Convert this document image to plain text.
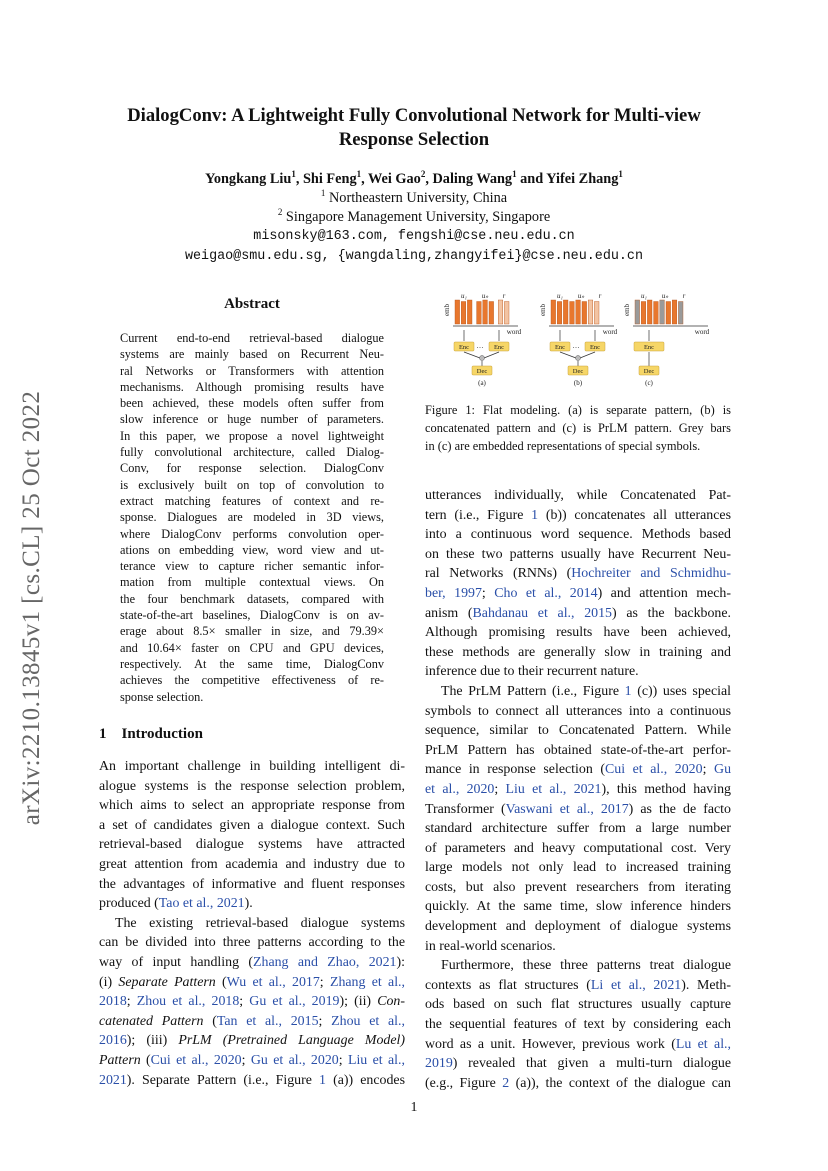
arXiv:2210.13845v1 [cs.CL] 25 Oct 2022
DialogConv: A Lightweight Fully Convolutional Network for Multi-view
Response Selection
Yongkang Liu$^1$, Shi Feng$^1$, Wei Gao$^2$, Daling Wang$^1$ and Yifei Zhang$^1$
$^1$ Northeastern University, China
$^2$ Singapore Management University, Singapore
misonsky@163.com, fengshi@cse.neu.edu.cn
weigao@smu.edu.sg, {wangdaling,zhangyifei}@cse.neu.edu.cn
Abstract
Current end-to-end retrieval-based dialogue
systems are mainly based on Recurrent Neu-
ral Networks or Transformers with attention
mechanisms. Although promising results have
been achieved, these models often suffer from
slow inference or huge number of parameters.
In this paper, we propose a novel lightweight
fully convolutional architecture, called Dialog-
Conv, for response selection. DialogConv
is exclusively built on top of convolution to
extract matching features of context and re-
sponse. Dialogues are modeled in 3D views,
where DialogConv performs convolution oper-
ations on embedding view, word view and ut-
terance view to capture richer semantic infor-
mation from multiple contextual views. On
the four benchmark datasets, compared with
state-of-the-art baselines, DialogConv is on av-
erage about 8.5× smaller in size, and 79.39×
and 10.64× faster on CPU and GPU devices,
respectively. At the same time, DialogConv
achieves the competitive effectiveness of re-
sponse selection.
1 Introduction
An important challenge in building intelligent di-
alogue systems is the response selection problem,
which aims to select an appropriate response from
a set of candidates given a dialogue context. Such
retrieval-based dialogue systems have attracted
great attention from academia and industry due to
the advantages of informative and fluent responses
produced (Tao et al., 2021).
The existing retrieval-based dialogue systems
can be divided into three patterns according to the
way of input handling (Zhang and Zhao, 2021):
(i) Separate Pattern (Wu et al., 2017; Zhang et al.,
2018; Zhou et al., 2018; Gu et al., 2019); (ii) Con-
catenated Pattern (Tan et al., 2015; Zhou et al.,
2016); (iii) PrLM (Pretrained Language Model)
Pattern (Cui et al., 2020; Gu et al., 2020; Liu et al.,
2021). Separate Pattern (i.e., Figure 1 (a)) encodes
emb
word
u₁ uₙ r
Enc … Enc
Dec
(a)
emb
word
u₁ uₙ r
Enc … Enc
Dec
(b)
emb
word
u₁ uₙ r
Enc
Dec
(c)
Figure 1: Flat modeling. (a) is separate pattern, (b) is
concatenated pattern and (c) is PrLM pattern. Grey bars
in (c) are embedded representations of special symbols.
utterances individually, while Concatenated Pat-
tern (i.e., Figure 1 (b)) concatenates all utterances
into a continuous word sequence. Methods based
on these two patterns usually have Recurrent Neu-
ral Networks (RNNs) (Hochreiter and Schmidhu-
ber, 1997; Cho et al., 2014) and attention mech-
anism (Bahdanau et al., 2015) as the backbone.
Although promising results have been achieved,
these methods are generally slow in training and
inference due to their recurrent nature.
The PrLM Pattern (i.e., Figure 1 (c)) uses special
symbols to connect all utterances into a continuous
sequence, similar to Concatenated Pattern. While
PrLM Pattern has obtained state-of-the-art perfor-
mance in response selection (Cui et al., 2020; Gu
et al., 2020; Liu et al., 2021), this method having
Transformer (Vaswani et al., 2017) as the de facto
standard architecture suffer from a large number
of parameters and heavy computational cost. Very
large models not only lead to increased training
costs, but also prevent researchers from iterating
quickly. At the same time, slow inference hinders
development and deployment of dialogue systems
in real-world scenarios.
Furthermore, these three patterns treat dialogue
contexts as flat structures (Li et al., 2021). Meth-
ods based on such flat structures usually capture
the sequential features of text by considering each
word as a unit. However, previous work (Lu et al.,
2019) revealed that given a multi-turn dialogue
(e.g., Figure 2 (a)), the context of the dialogue can
1
